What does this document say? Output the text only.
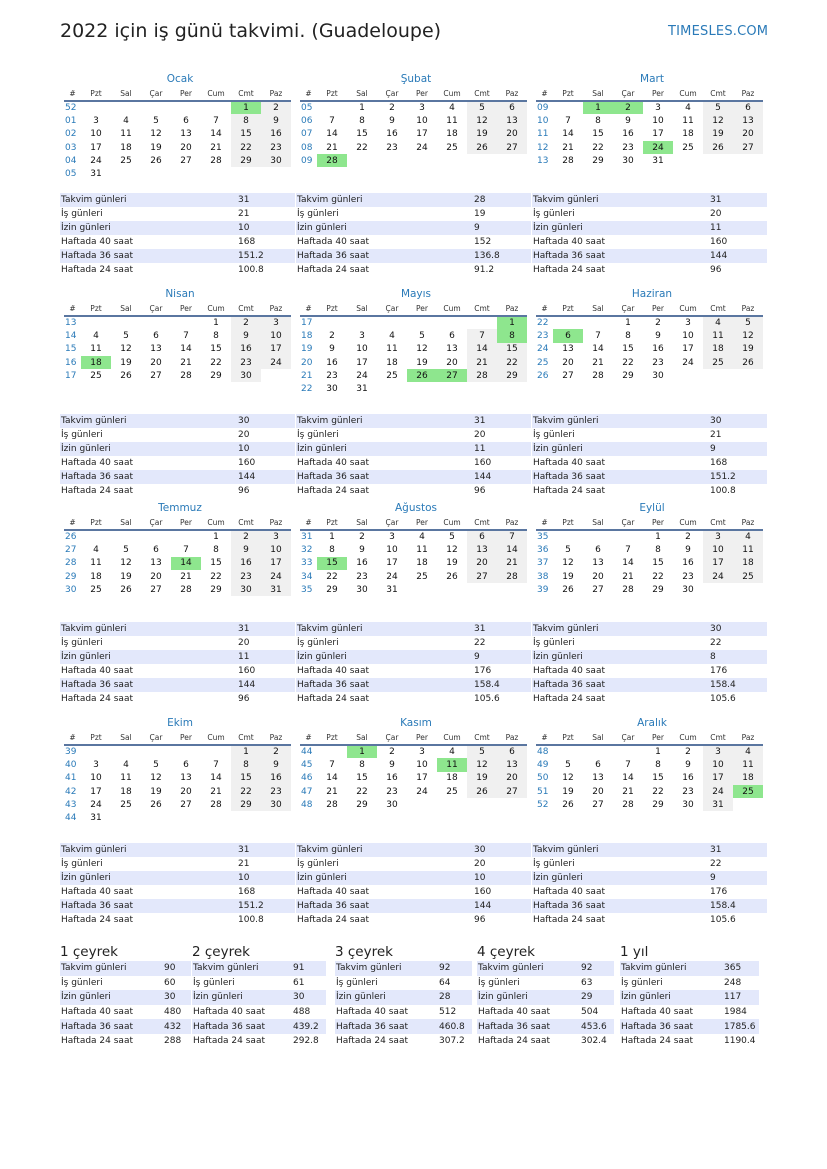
2022 için iş günü takvimi. (Guadeloupe)	TIMESLES.COM
Ocak
#	Pzt	Sal	Çar	Per	Cum	Cmt	Paz
52						1	2
01	3	4	5	6	7	8	9
02	10	11	12	13	14	15	16
03	17	18	19	20	21	22	23
04	24	25	26	27	28	29	30
05	31						
Takvim günleri	31
İş günleri	21
İzin günleri	10
Haftada 40 saat	168
Haftada 36 saat	151.2
Haftada 24 saat	100.8
Şubat
#	Pzt	Sal	Çar	Per	Cum	Cmt	Paz
05		1	2	3	4	5	6
06	7	8	9	10	11	12	13
07	14	15	16	17	18	19	20
08	21	22	23	24	25	26	27
09	28						
Takvim günleri	28
İş günleri	19
İzin günleri	9
Haftada 40 saat	152
Haftada 36 saat	136.8
Haftada 24 saat	91.2
Mart
#	Pzt	Sal	Çar	Per	Cum	Cmt	Paz
09		1	2	3	4	5	6
10	7	8	9	10	11	12	13
11	14	15	16	17	18	19	20
12	21	22	23	24	25	26	27
13	28	29	30	31			
Takvim günleri	31
İş günleri	20
İzin günleri	11
Haftada 40 saat	160
Haftada 36 saat	144
Haftada 24 saat	96
Nisan
#	Pzt	Sal	Çar	Per	Cum	Cmt	Paz
13					1	2	3
14	4	5	6	7	8	9	10
15	11	12	13	14	15	16	17
16	18	19	20	21	22	23	24
17	25	26	27	28	29	30	
Takvim günleri	30
İş günleri	20
İzin günleri	10
Haftada 40 saat	160
Haftada 36 saat	144
Haftada 24 saat	96
Mayıs
#	Pzt	Sal	Çar	Per	Cum	Cmt	Paz
17							1
18	2	3	4	5	6	7	8
19	9	10	11	12	13	14	15
20	16	17	18	19	20	21	22
21	23	24	25	26	27	28	29
22	30	31					
Takvim günleri	31
İş günleri	20
İzin günleri	11
Haftada 40 saat	160
Haftada 36 saat	144
Haftada 24 saat	96
Haziran
#	Pzt	Sal	Çar	Per	Cum	Cmt	Paz
22			1	2	3	4	5
23	6	7	8	9	10	11	12
24	13	14	15	16	17	18	19
25	20	21	22	23	24	25	26
26	27	28	29	30			
Takvim günleri	30
İş günleri	21
İzin günleri	9
Haftada 40 saat	168
Haftada 36 saat	151.2
Haftada 24 saat	100.8
Temmuz
#	Pzt	Sal	Çar	Per	Cum	Cmt	Paz
26					1	2	3
27	4	5	6	7	8	9	10
28	11	12	13	14	15	16	17
29	18	19	20	21	22	23	24
30	25	26	27	28	29	30	31
Takvim günleri	31
İş günleri	20
İzin günleri	11
Haftada 40 saat	160
Haftada 36 saat	144
Haftada 24 saat	96
Ağustos
#	Pzt	Sal	Çar	Per	Cum	Cmt	Paz
31	1	2	3	4	5	6	7
32	8	9	10	11	12	13	14
33	15	16	17	18	19	20	21
34	22	23	24	25	26	27	28
35	29	30	31				
Takvim günleri	31
İş günleri	22
İzin günleri	9
Haftada 40 saat	176
Haftada 36 saat	158.4
Haftada 24 saat	105.6
Eylül
#	Pzt	Sal	Çar	Per	Cum	Cmt	Paz
35				1	2	3	4
36	5	6	7	8	9	10	11
37	12	13	14	15	16	17	18
38	19	20	21	22	23	24	25
39	26	27	28	29	30		
Takvim günleri	30
İş günleri	22
İzin günleri	8
Haftada 40 saat	176
Haftada 36 saat	158.4
Haftada 24 saat	105.6
Ekim
#	Pzt	Sal	Çar	Per	Cum	Cmt	Paz
39						1	2
40	3	4	5	6	7	8	9
41	10	11	12	13	14	15	16
42	17	18	19	20	21	22	23
43	24	25	26	27	28	29	30
44	31						
Takvim günleri	31
İş günleri	21
İzin günleri	10
Haftada 40 saat	168
Haftada 36 saat	151.2
Haftada 24 saat	100.8
Kasım
#	Pzt	Sal	Çar	Per	Cum	Cmt	Paz
44		1	2	3	4	5	6
45	7	8	9	10	11	12	13
46	14	15	16	17	18	19	20
47	21	22	23	24	25	26	27
48	28	29	30				
Takvim günleri	30
İş günleri	20
İzin günleri	10
Haftada 40 saat	160
Haftada 36 saat	144
Haftada 24 saat	96
Aralık
#	Pzt	Sal	Çar	Per	Cum	Cmt	Paz
48				1	2	3	4
49	5	6	7	8	9	10	11
50	12	13	14	15	16	17	18
51	19	20	21	22	23	24	25
52	26	27	28	29	30	31	
Takvim günleri	31
İş günleri	22
İzin günleri	9
Haftada 40 saat	176
Haftada 36 saat	158.4
Haftada 24 saat	105.6
1 çeyrek
Takvim günleri	90
İş günleri	60
İzin günleri	30
Haftada 40 saat	480
Haftada 36 saat	432
Haftada 24 saat	288
2 çeyrek
Takvim günleri	91
İş günleri	61
İzin günleri	30
Haftada 40 saat	488
Haftada 36 saat	439.2
Haftada 24 saat	292.8
3 çeyrek
Takvim günleri	92
İş günleri	64
İzin günleri	28
Haftada 40 saat	512
Haftada 36 saat	460.8
Haftada 24 saat	307.2
4 çeyrek
Takvim günleri	92
İş günleri	63
İzin günleri	29
Haftada 40 saat	504
Haftada 36 saat	453.6
Haftada 24 saat	302.4
1 yıl
Takvim günleri	365
İş günleri	248
İzin günleri	117
Haftada 40 saat	1984
Haftada 36 saat	1785.6
Haftada 24 saat	1190.4
